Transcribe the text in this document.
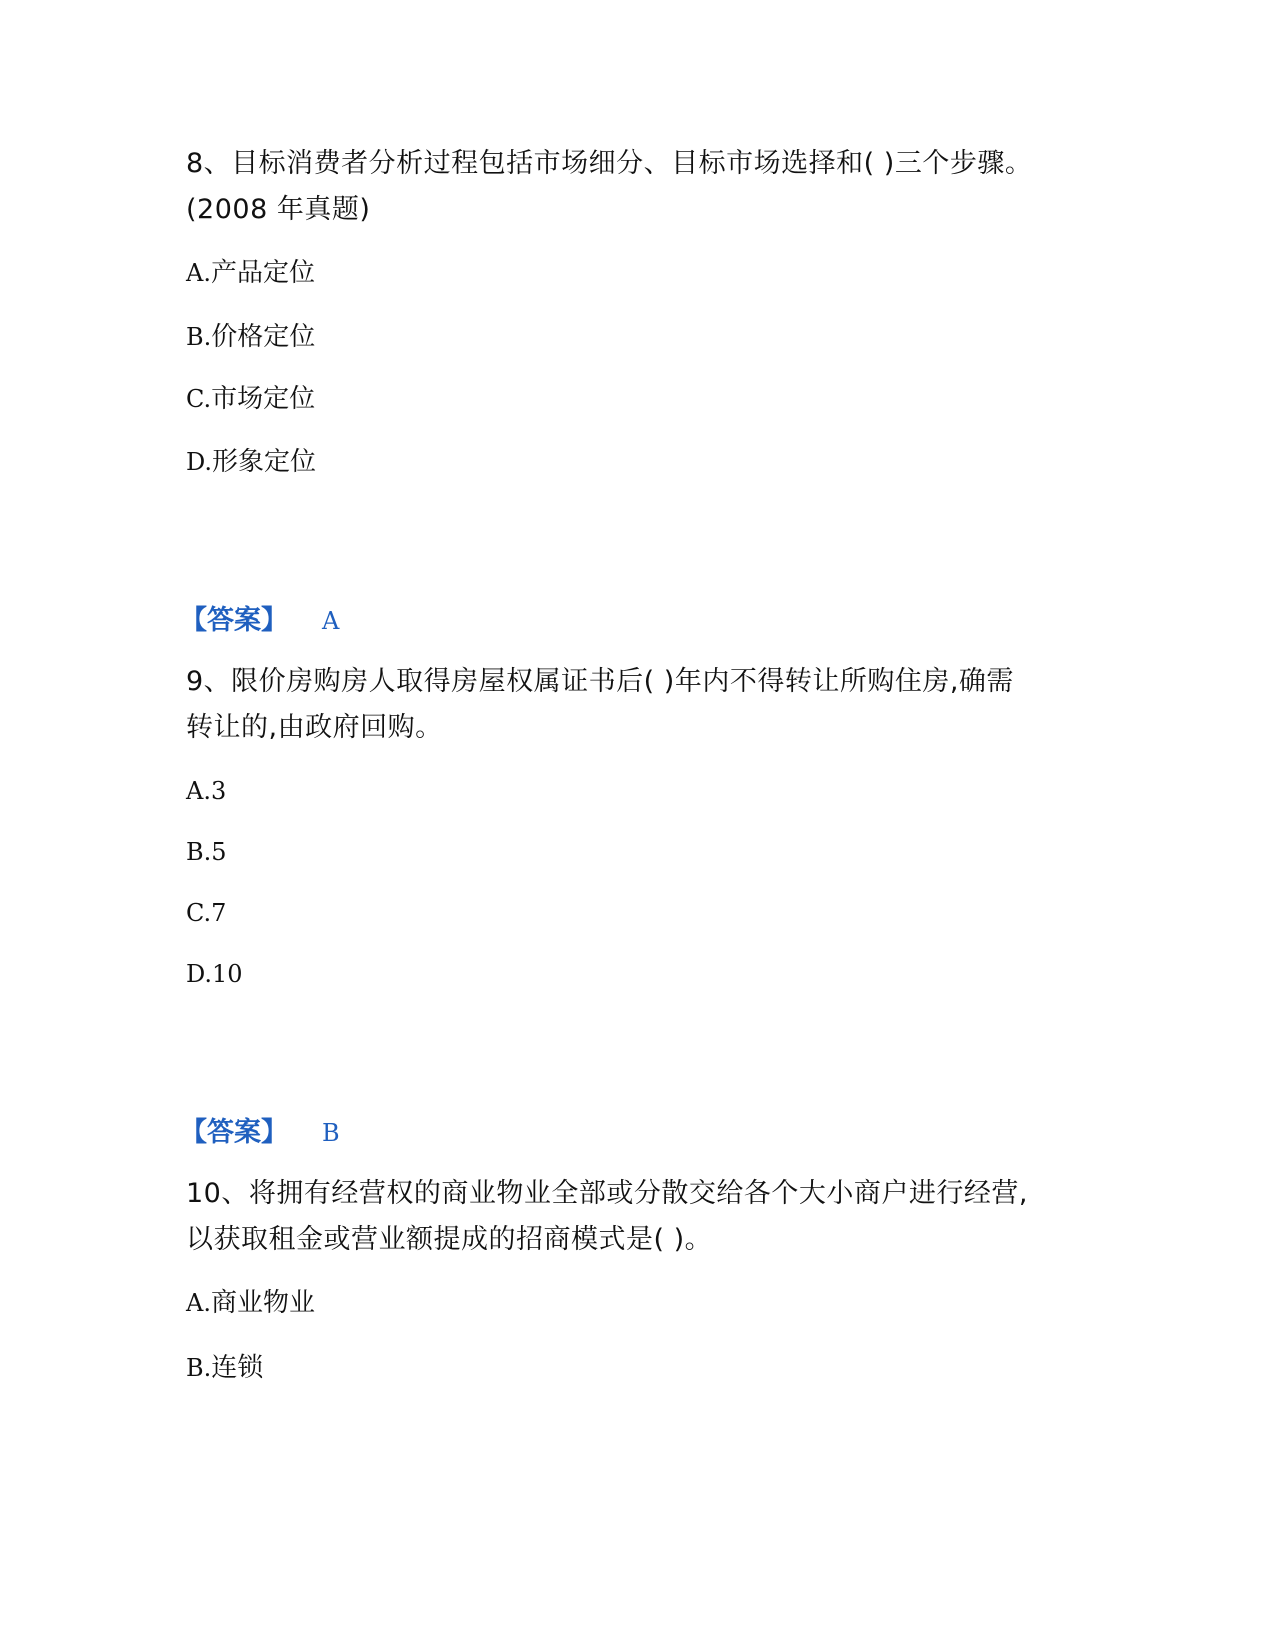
8、目标消费者分析过程包括市场细分、目标市场选择和( )三个步骤。
(2008 年真题)
A.产品定位
B.价格定位
C.市场定位
D.形象定位
【答案】 A
9、限价房购房人取得房屋权属证书后( )年内不得转让所购住房,确需
转让的,由政府回购。
A.3
B.5
C.7
D.10
【答案】 B
10、将拥有经营权的商业物业全部或分散交给各个大小商户进行经营,
以获取租金或营业额提成的招商模式是( )。
A.商业物业
B.连锁
